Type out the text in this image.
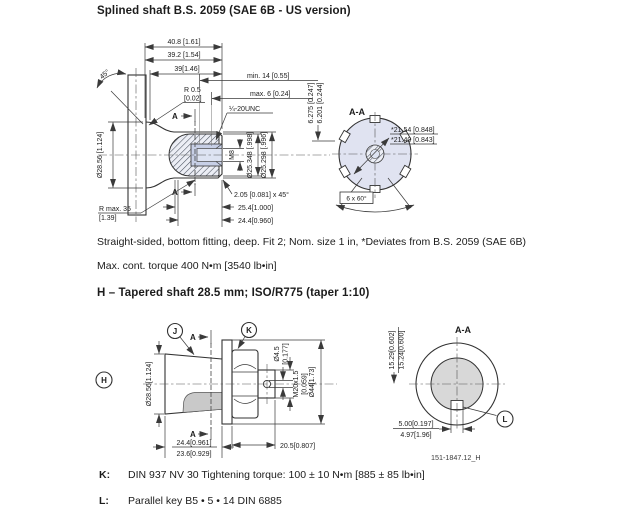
Splined shaft B.S. 2059 (SAE 6B - US version)
A
A
40.8 [1.61]
39.2 [1.54]
39[1.46]
min. 14 [0.55]
max. 6 [0.24]
¼-20UNC
R 0.5
[0.02]
45°
Ø28.56 [1.124]
R max. 35
[1.39]
25.4[1.000]
24.4[0.960]
2.05 [0.081] x 45°
M8 Ø25.348 [.998] Ø25.298 [.996]
6.275 [0.247] 6.201 [0.244]	A-A
*21.54 [0.848]
*21.40 [0.843]
6 x 60°
Straight-sided, bottom fitting, deep. Fit 2; Nom. size 1 in, *Deviates from B.S. 2059 (SAE 6B)
Max. cont. torque 400 N•m [3540 lb•in]
H – Tapered shaft 28.5 mm; ISO/R775 (taper 1:10)
H
A
A
J	K
Ø28.56[1.124]
Ø4.5 [0.177]
M20x1.5 [0.059] Ø44[1.73]
24.4[0.961]
23.6[0.929]
20.5[0.807]
A-A
15.29[0.602] 15.24[0.600]
5.00[0.197]
4.97[1.96]
L
151-1847.12_H
K: DIN 937 NV 30 Tightening torque: 100 ± 10 N•m [885 ± 85 lb•in]
L: Parallel key B5 • 5 • 14 DIN 6885
